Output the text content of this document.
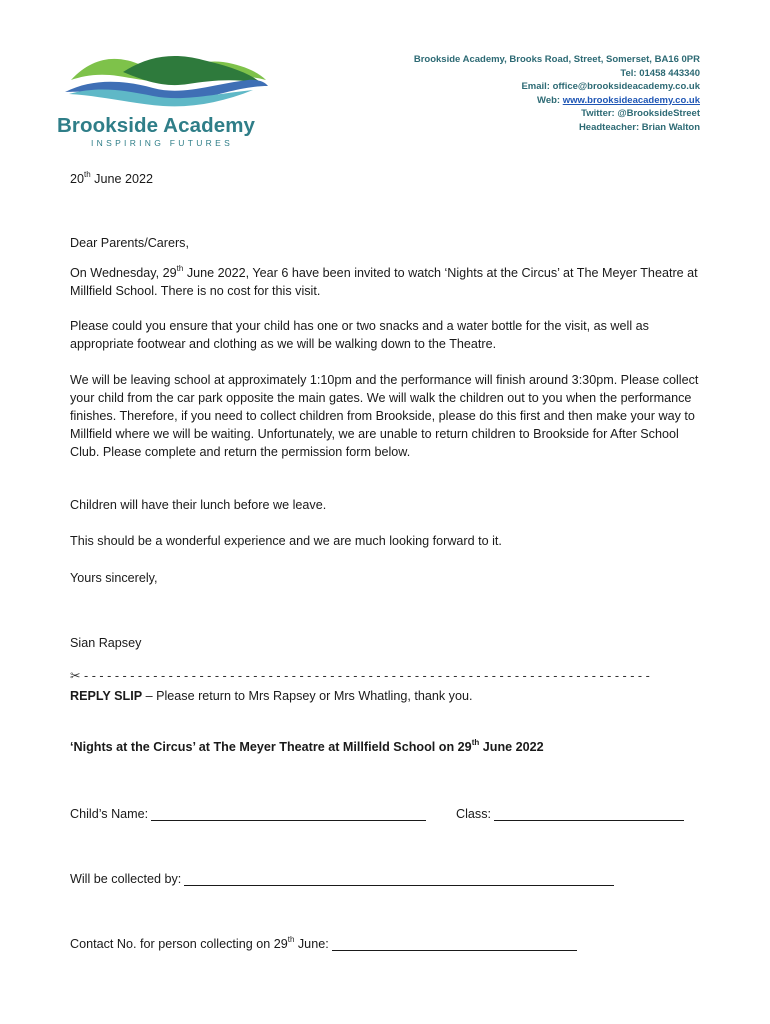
Brookside Academy
INSPIRING FUTURES
Brookside Academy, Brooks Road, Street, Somerset, BA16 0PR
Tel: 01458 443340
Email: office@brooksideacademy.co.uk
Web: www.brooksideacademy.co.uk
Twitter: @BrooksideStreet
Headteacher: Brian Walton
20th June 2022
Dear Parents/Carers,
On Wednesday, 29th June 2022, Year 6 have been invited to watch ‘Nights at the Circus’ at The Meyer Theatre at Millfield School. There is no cost for this visit.
Please could you ensure that your child has one or two snacks and a water bottle for the visit, as well as appropriate footwear and clothing as we will be walking down to the Theatre.
We will be leaving school at approximately 1:10pm and the performance will finish around 3:30pm. Please collect your child from the car park opposite the main gates. We will walk the children out to you when the performance finishes. Therefore, if you need to collect children from Brookside, please do this first and then make your way to Millfield where we will be waiting. Unfortunately, we are unable to return children to Brookside for After School Club. Please complete and return the permission form below.
Children will have their lunch before we leave.
This should be a wonderful experience and we are much looking forward to it.
Yours sincerely,
Sian Rapsey
✂ - - - - - - - - - - - - - - - - - - - - - - - - - - - - - - - - - - - - - - - - - - - - - - - - - - - - - - - - - - - - - - - - - - - - - - - - - -
REPLY SLIP – Please return to Mrs Rapsey or Mrs Whatling, thank you.
‘Nights at the Circus’ at The Meyer Theatre at Millfield School on 29th June 2022
Child’s Name:	Class:
Will be collected by:
Contact No. for person collecting on 29th June:
